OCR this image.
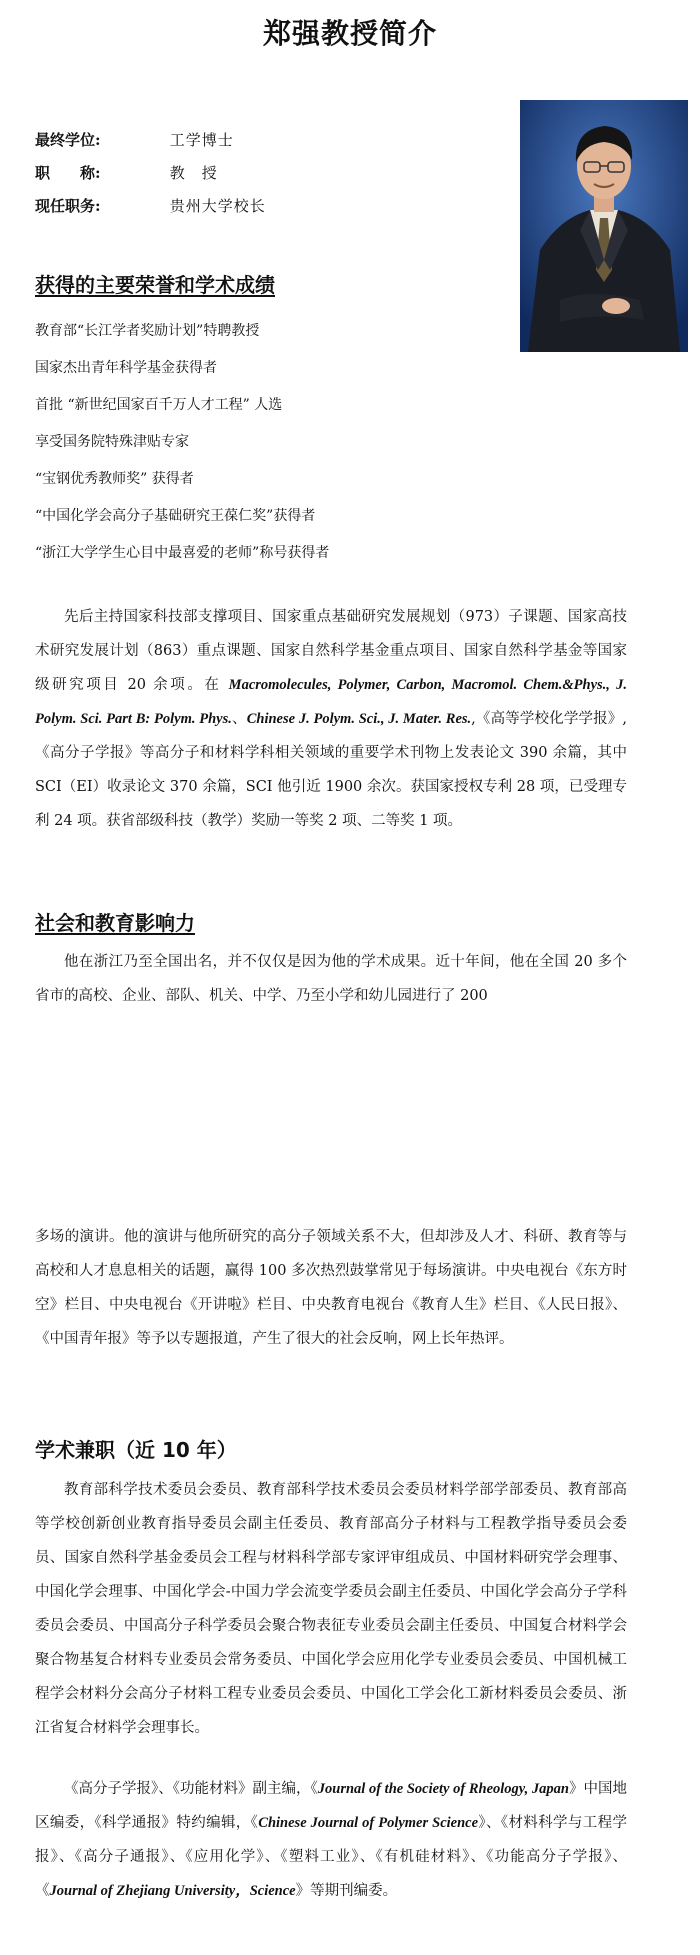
郑强教授简介
最终学位:	工学博士
职　　称:	教　授
现任职务:	贵州大学校长
获得的主要荣誉和学术成绩
教育部“长江学者奖励计划”特聘教授
国家杰出青年科学基金获得者
首批 “新世纪国家百千万人才工程” 人选
享受国务院特殊津贴专家
“宝钢优秀教师奖” 获得者
“中国化学会高分子基础研究王葆仁奖”获得者
“浙江大学学生心目中最喜爱的老师”称号获得者
先后主持国家科技部支撑项目、国家重点基础研究发展规划（973）子课题、国家高技术研究发展计划（863）重点课题、国家自然科学基金重点项目、国家自然科学基金等国家级研究项目 20 余项。在 Macromolecules, Polymer, Carbon, Macromol. Chem.&Phys., J. Polym. Sci. Part B: Polym. Phys.、Chinese J. Polym. Sci., J. Mater. Res.,《高等学校化学学报》,《高分子学报》等高分子和材料学科相关领域的重要学术刊物上发表论文 390 余篇，其中 SCI（EI）收录论文 370 余篇，SCI 他引近 1900 余次。获国家授权专利 28 项，已受理专利 24 项。获省部级科技（教学）奖励一等奖 2 项、二等奖 1 项。
社会和教育影响力
他在浙江乃至全国出名，并不仅仅是因为他的学术成果。近十年间，他在全国 20 多个省市的高校、企业、部队、机关、中学、乃至小学和幼儿园进行了 200
多场的演讲。他的演讲与他所研究的高分子领域关系不大，但却涉及人才、科研、教育等与高校和人才息息相关的话题，赢得 100 多次热烈鼓掌常见于每场演讲。中央电视台《东方时空》栏目、中央电视台《开讲啦》栏目、中央教育电视台《教育人生》栏目、《人民日报》、《中国青年报》等予以专题报道，产生了很大的社会反响，网上长年热评。
学术兼职（近 10 年）
教育部科学技术委员会委员、教育部科学技术委员会委员材料学部学部委员、教育部高等学校创新创业教育指导委员会副主任委员、教育部高分子材料与工程教学指导委员会委员、国家自然科学基金委员会工程与材料科学部专家评审组成员、中国材料研究学会理事、中国化学会理事、中国化学会-中国力学会流变学委员会副主任委员、中国化学会高分子学科委员会委员、中国高分子科学委员会聚合物表征专业委员会副主任委员、中国复合材料学会聚合物基复合材料专业委员会常务委员、中国化学会应用化学专业委员会委员、中国机械工程学会材料分会高分子材料工程专业委员会委员、中国化工学会化工新材料委员会委员、浙江省复合材料学会理事长。
《高分子学报》、《功能材料》副主编，《Journal of the Society of Rheology, Japan》中国地区编委，《科学通报》特约编辑，《Chinese Journal of Polymer Science》、《材料科学与工程学报》、《高分子通报》、《应用化学》、《塑料工业》、《有机硅材料》、《功能高分子学报》、《Journal of Zhejiang University，Science》等期刊编委。
